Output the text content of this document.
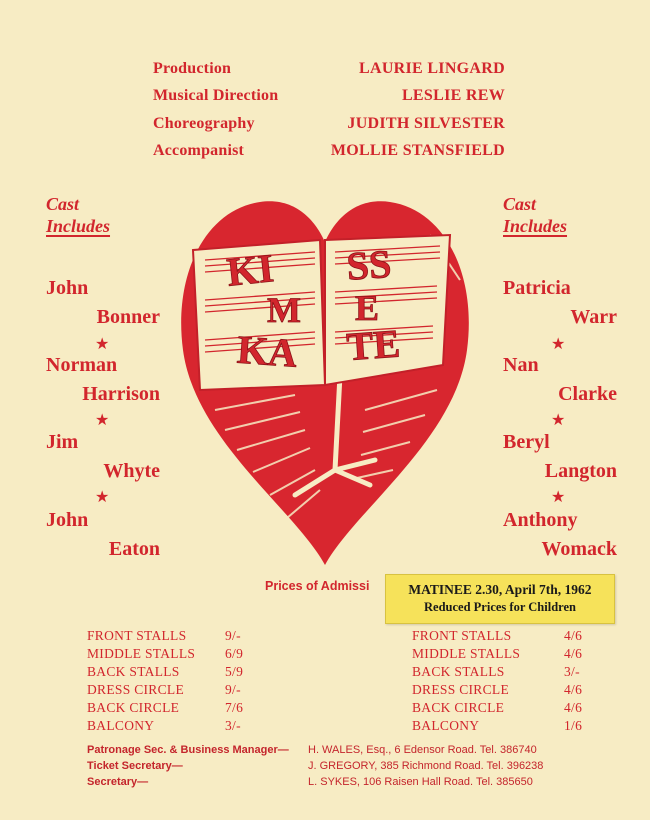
Production	LAURIE LINGARD
Musical Direction	LESLIE REW
Choreography	JUDITH SILVESTER
Accompanist	MOLLIE STANSFIELD
KI SS
M E
KA TE
Cast
Includes
John
Bonner
★
Norman
Harrison
★
Jim
Whyte
★
John
Eaton
Cast
Includes
Patricia
Warr
★
Nan
Clarke
★
Beryl
Langton
★
Anthony
Womack
Prices of Admissi	MATINEE 2.30, April 7th, 1962
Reduced Prices for Children
FRONT STALLS	9/-
MIDDLE STALLS 6/9
BACK STALLS	5/9
DRESS CIRCLE	9/-
BACK CIRCLE	7/6
BALCONY	3/-
FRONT STALLS	4/6
MIDDLE STALLS	4/6
BACK STALLS	3/-
DRESS CIRCLE	4/6
BACK CIRCLE	4/6
BALCONY	1/6
Patronage Sec. & Business Manager— H. WALES, Esq., 6 Edensor Road. Tel. 386740
Ticket Secretary—	J. GREGORY, 385 Richmond Road. Tel. 396238
Secretary—	L. SYKES, 106 Raisen Hall Road. Tel. 385650
